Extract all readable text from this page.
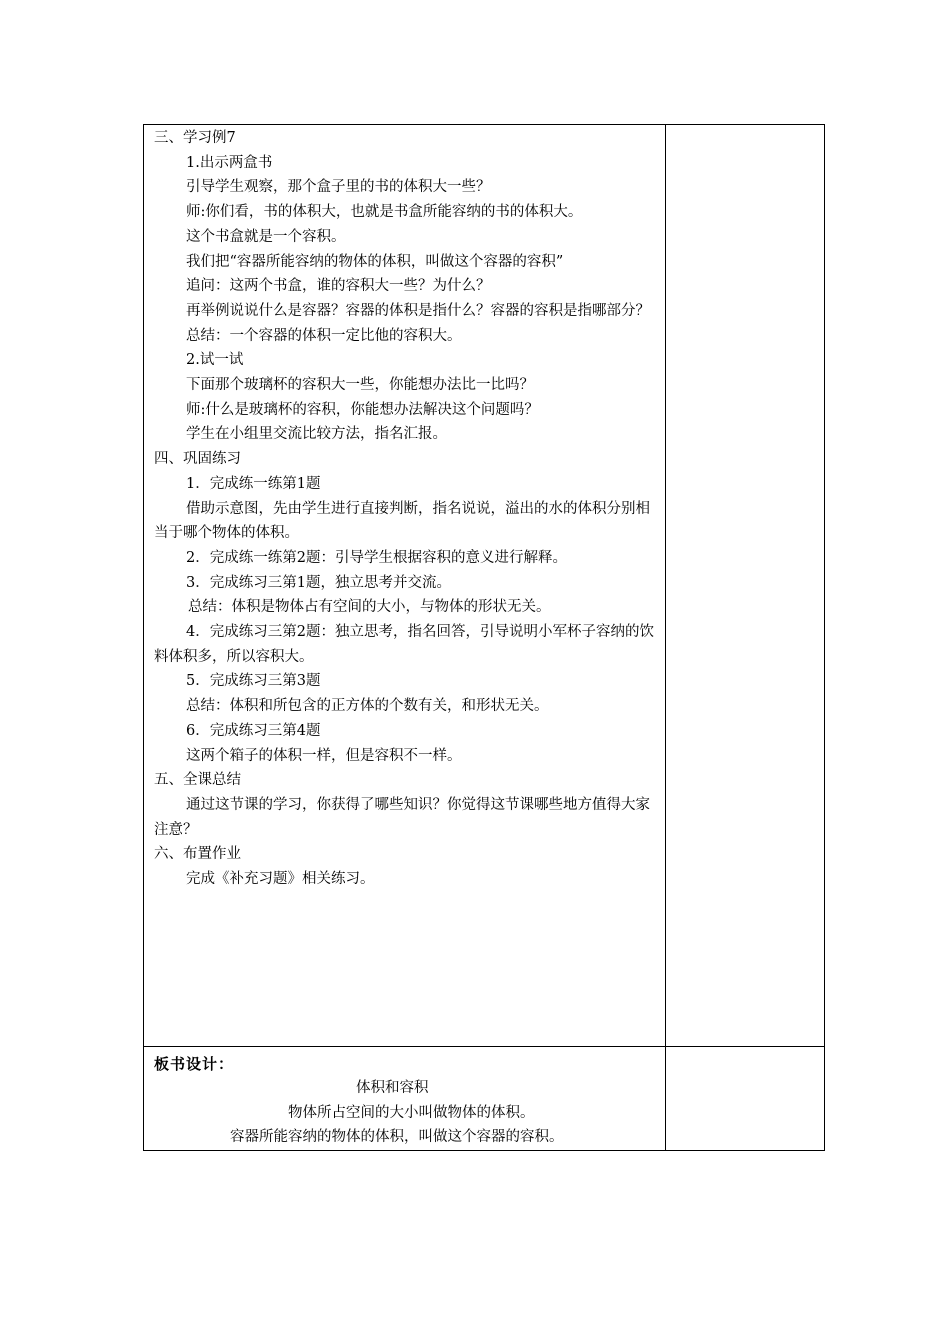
三、学习例7
1.出示两盒书
引导学生观察，那个盒子里的书的体积大一些？
师:你们看，书的体积大，也就是书盒所能容纳的书的体积大。
这个书盒就是一个容积。
我们把“容器所能容纳的物体的体积，叫做这个容器的容积”
追问：这两个书盒，谁的容积大一些？为什么？
再举例说说什么是容器？容器的体积是指什么？容器的容积是指哪部分？
总结：一个容器的体积一定比他的容积大。
2.试一试
下面那个玻璃杯的容积大一些，你能想办法比一比吗？
师:什么是玻璃杯的容积，你能想办法解决这个问题吗？
学生在小组里交流比较方法，指名汇报。
四、巩固练习
1．完成练一练第1题
借助示意图，先由学生进行直接判断，指名说说，溢出的水的体积分别相当于哪个物体的体积。
2．完成练一练第2题：引导学生根据容积的意义进行解释。
3．完成练习三第1题，独立思考并交流。
总结：体积是物体占有空间的大小，与物体的形状无关。
4．完成练习三第2题：独立思考，指名回答，引导说明小军杯子容纳的饮料体积多，所以容积大。
5．完成练习三第3题
总结：体积和所包含的正方体的个数有关，和形状无关。
6．完成练习三第4题
这两个箱子的体积一样，但是容积不一样。
五、全课总结
通过这节课的学习，你获得了哪些知识？你觉得这节课哪些地方值得大家注意？
六、布置作业
完成《补充习题》相关练习。
板书设计：
体积和容积
物体所占空间的大小叫做物体的体积。
容器所能容纳的物体的体积，叫做这个容器的容积。
